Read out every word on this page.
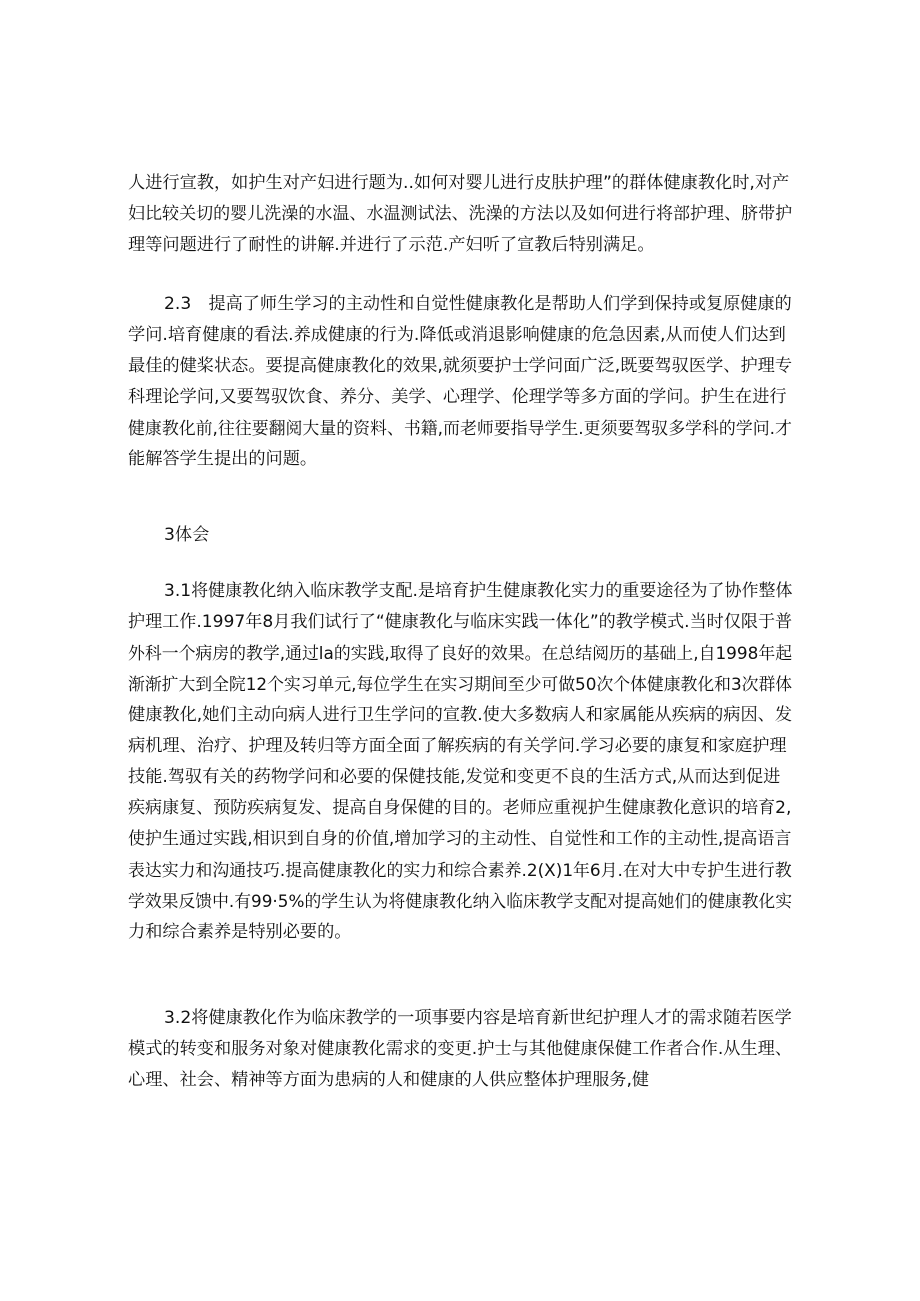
人进行宣教，如护生对产妇进行题为..如何对婴儿进行皮肤护理”的群体健康教化时,对产
妇比较关切的婴儿洗澡的水温、水温测试法、洗澡的方法以及如何进行将部护理、脐带护
理等问题进行了耐性的讲解.并进行了示范.产妇听了宣教后特别满足。
2.3　提高了师生学习的主动性和自觉性健康教化是帮助人们学到保持或复原健康的
学问.培育健康的看法.养成健康的行为.降低或消退影响健康的危急因素,从而使人们达到
最佳的健桨状态。要提高健康教化的效果,就须要护士学问面广泛,既要驾驭医学、护理专
科理论学问,又要驾驭饮食、养分、美学、心理学、伦理学等多方面的学问。护生在进行
健康教化前,往往要翻阅大量的资料、书籍,而老师要指导学生.更须要驾驭多学科的学问.才
能解答学生提出的问题。
3体会
3.1将健康教化纳入临床教学支配.是培育护生健康教化实力的重要途径为了协作整体
护理工作.1997年8月我们试行了“健康教化与临床实践一体化”的教学模式.当时仅限于普
外科一个病房的教学,通过la的实践,取得了良好的效果。在总结阅历的基础上,自1998年起
渐渐扩大到全院12个实习单元,每位学生在实习期间至少可做50次个体健康教化和3次群体
健康教化,她们主动向病人进行卫生学问的宣教.使大多数病人和家属能从疾病的病因、发
病机理、治疗、护理及转归等方面全面了解疾病的有关学问.学习必要的康复和家庭护理
技能.驾驭有关的药物学问和必要的保健技能,发觉和变更不良的生活方式,从而达到促进
疾病康复、预防疾病复发、提高自身保健的目的。老师应重视护生健康教化意识的培育2,
使护生通过实践,相识到自身的价值,增加学习的主动性、自觉性和工作的主动性,提高语言
表达实力和沟通技巧.提高健康教化的实力和综合素养.2(X)1年6月.在对大中专护生进行教
学效果反馈中.有99·5%的学生认为将健康教化纳入临床教学支配对提高她们的健康教化实
力和综合素养是特别必要的。
3.2将健康教化作为临床教学的一项事要内容是培育新世纪护理人才的需求随若医学
模式的转变和服务对象对健康教化需求的变更.护士与其他健康保健工作者合作.从生理、
心理、社会、精神等方面为患病的人和健康的人供应整体护理服务,健
